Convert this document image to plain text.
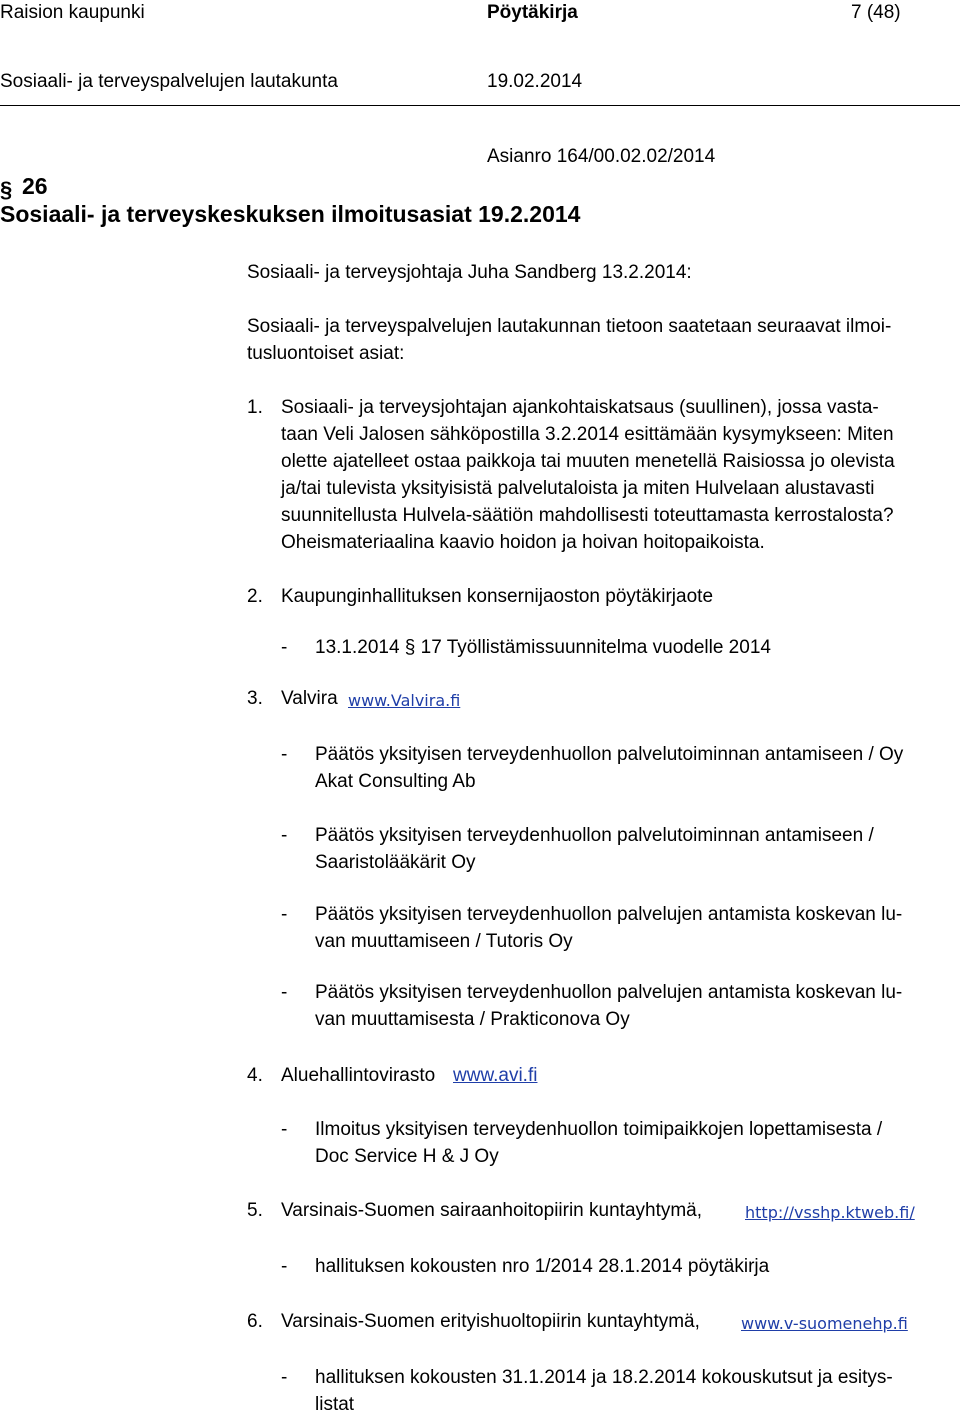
Raision kaupunki	Pöytäkirja	7 (48)
Sosiaali- ja terveyspalvelujen lautakunta	19.02.2014
Asianro 164/00.02.02/2014
§ 26
Sosiaali- ja terveyskeskuksen ilmoitusasiat 19.2.2014
Sosiaali- ja terveysjohtaja Juha Sandberg 13.2.2014:
Sosiaali- ja terveyspalvelujen lautakunnan tietoon saatetaan seuraavat ilmoi-
tusluontoiset asiat:
1. Sosiaali- ja terveysjohtajan ajankohtaiskatsaus (suullinen), jossa vasta-
taan Veli Jalosen sähköpostilla 3.2.2014 esittämään kysymykseen: Miten
olette ajatelleet ostaa paikkoja tai muuten menetellä Raisiossa jo olevista
ja/tai tulevista yksityisistä palvelutaloista ja miten Hulvelaan alustavasti
suunnitellusta Hulvela-säätiön mahdollisesti toteuttamasta kerrostalosta?
Oheismateriaalina kaavio hoidon ja hoivan hoitopaikoista.
2. Kaupunginhallituksen konsernijaoston pöytäkirjaote
- 13.1.2014 § 17 Työllistämissuunnitelma vuodelle 2014
3. Valvira www.Valvira.fi
- Päätös yksityisen terveydenhuollon palvelutoiminnan antamiseen / Oy
Akat Consulting Ab
- Päätös yksityisen terveydenhuollon palvelutoiminnan antamiseen /
Saaristolääkärit Oy
- Päätös yksityisen terveydenhuollon palvelujen antamista koskevan lu-
van muuttamiseen / Tutoris Oy
- Päätös yksityisen terveydenhuollon palvelujen antamista koskevan lu-
van muuttamisesta / Prakticonova Oy
4. Aluehallintovirasto www.avi.fi
- Ilmoitus yksityisen terveydenhuollon toimipaikkojen lopettamisesta /
Doc Service H & J Oy
5. Varsinais-Suomen sairaanhoitopiirin kuntayhtymä,	http://vsshp.ktweb.fi/
- hallituksen kokousten nro 1/2014 28.1.2014 pöytäkirja
6. Varsinais-Suomen erityishuoltopiirin kuntayhtymä,	www.v-suomenehp.fi
- hallituksen kokousten 31.1.2014 ja 18.2.2014 kokouskutsut ja esitys-
listat
